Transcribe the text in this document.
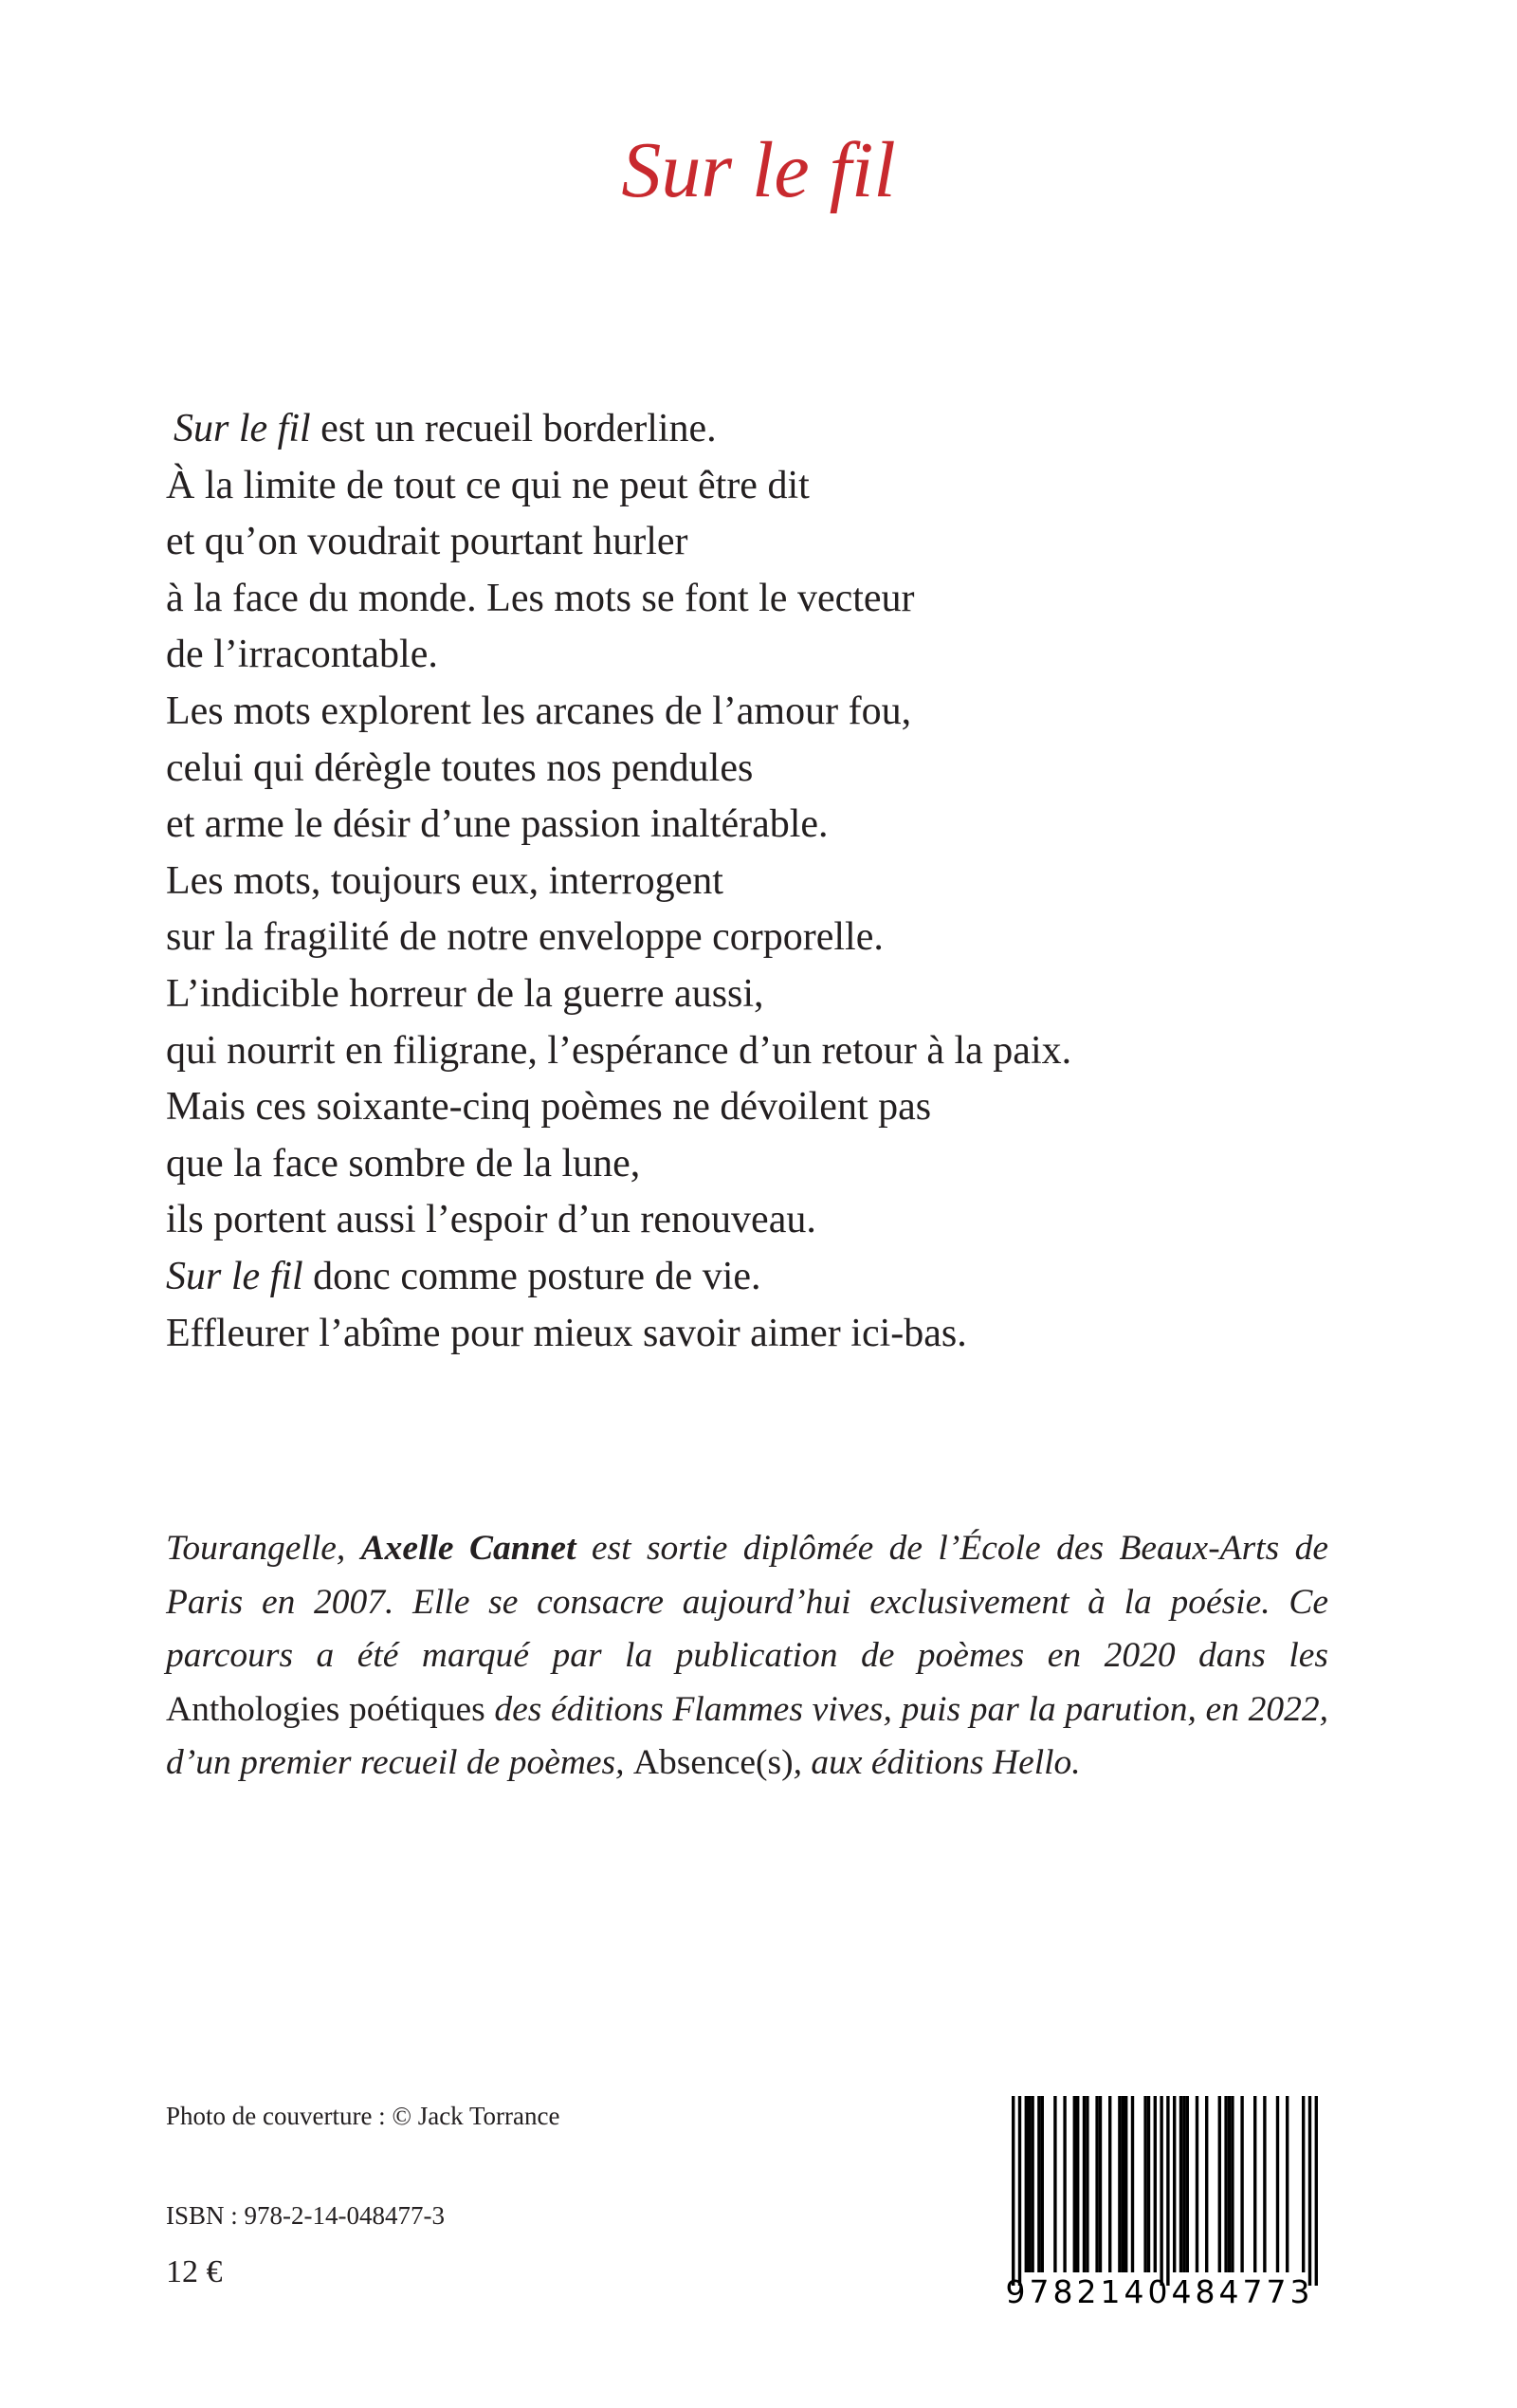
Sur le fil
Sur le fil est un recueil borderline.
À la limite de tout ce qui ne peut être dit
et qu’on voudrait pourtant hurler
à la face du monde. Les mots se font le vecteur
de l’irracontable.
Les mots explorent les arcanes de l’amour fou,
celui qui dérègle toutes nos pendules
et arme le désir d’une passion inaltérable.
Les mots, toujours eux, interrogent
sur la fragilité de notre enveloppe corporelle.
L’indicible horreur de la guerre aussi,
qui nourrit en filigrane, l’espérance d’un retour à la paix.
Mais ces soixante-cinq poèmes ne dévoilent pas
que la face sombre de la lune,
ils portent aussi l’espoir d’un renouveau.
Sur le fil donc comme posture de vie.
Effleurer l’abîme pour mieux savoir aimer ici-bas.
Tourangelle, Axelle Cannet est sortie diplômée de l’École des Beaux-Arts de Paris en 2007. Elle se consacre aujourd’hui exclusivement à la poésie. Ce parcours a été marqué par la publication de poèmes en 2020 dans les Anthologies poétiques des éditions Flammes vives, puis par la parution, en 2022, d’un premier recueil de poèmes, Absence(s), aux éditions Hello.
Photo de couverture : © Jack Torrance
ISBN : 978-2-14-048477-3
12 €
9782140484773
